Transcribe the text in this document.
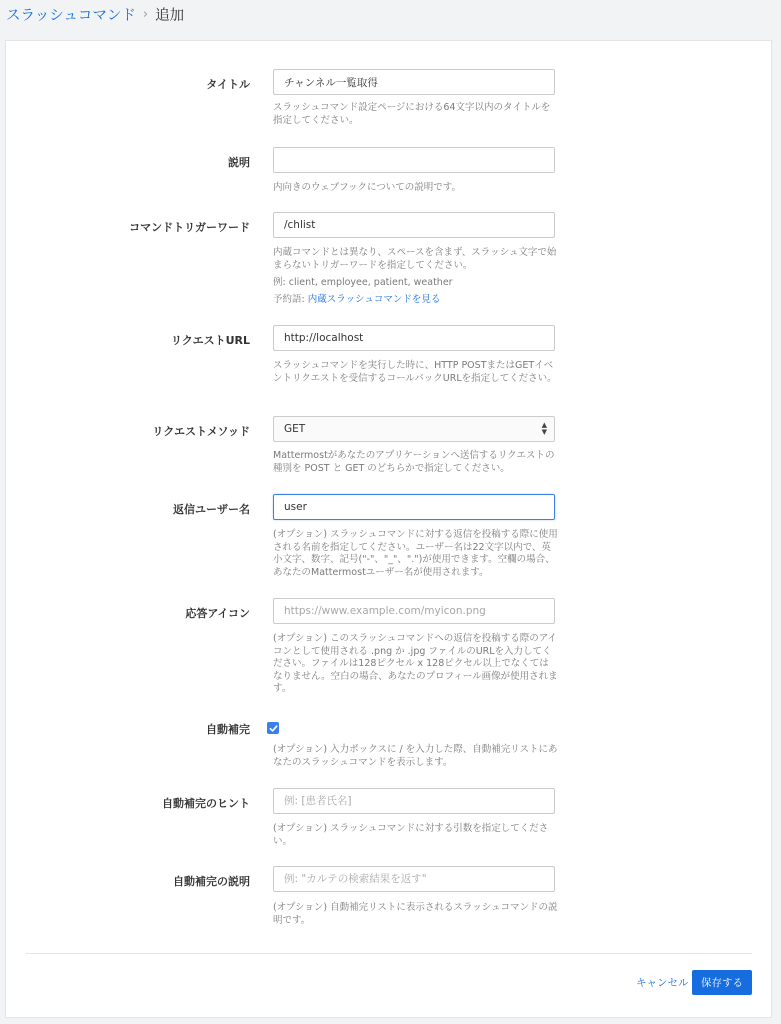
スラッシュコマンド › 追加
タイトル
チャンネル一覧取得
スラッシュコマンド設定ページにおける64文字以内のタイトルを指定してください。
説明
内向きのウェブフックについての説明です。
コマンドトリガーワード
/chlist
内蔵コマンドとは異なり、スペースを含まず、スラッシュ文字で始まらないトリガーワードを指定してください。
例: client, employee, patient, weather
予約語: 内蔵スラッシュコマンドを見る
リクエストURL
http://localhost
スラッシュコマンドを実行した時に、HTTP POSTまたはGETイベントリクエストを受信するコールバックURLを指定してください。
リクエストメソッド	GET	▲
▼
Mattermostがあなたのアプリケーションへ送信するリクエストの種別を POST と GET のどちらかで指定してください。
返信ユーザー名
user
(オプション) スラッシュコマンドに対する返信を投稿する際に使用される名前を指定してください。ユーザー名は22文字以内で、英小文字、数字、記号("-"、"_"、".")が使用できます。空欄の場合、あなたのMattermostユーザー名が使用されます。
応答アイコン
https://www.example.com/myicon.png
(オプション) このスラッシュコマンドへの返信を投稿する際のアイコンとして使用される .png か .jpg ファイルのURLを入力してください。ファイルは128ピクセル x 128ピクセル以上でなくてはなりません。空白の場合、あなたのプロフィール画像が使用されます。
自動補完
(オプション) 入力ボックスに / を入力した際、自動補完リストにあなたのスラッシュコマンドを表示します。
自動補完のヒント
例: [患者氏名]
(オプション) スラッシュコマンドに対する引数を指定してください。
自動補完の説明
例: "カルテの検索結果を返す"
(オプション) 自動補完リストに表示されるスラッシュコマンドの説明です。
キャンセル	保存する
